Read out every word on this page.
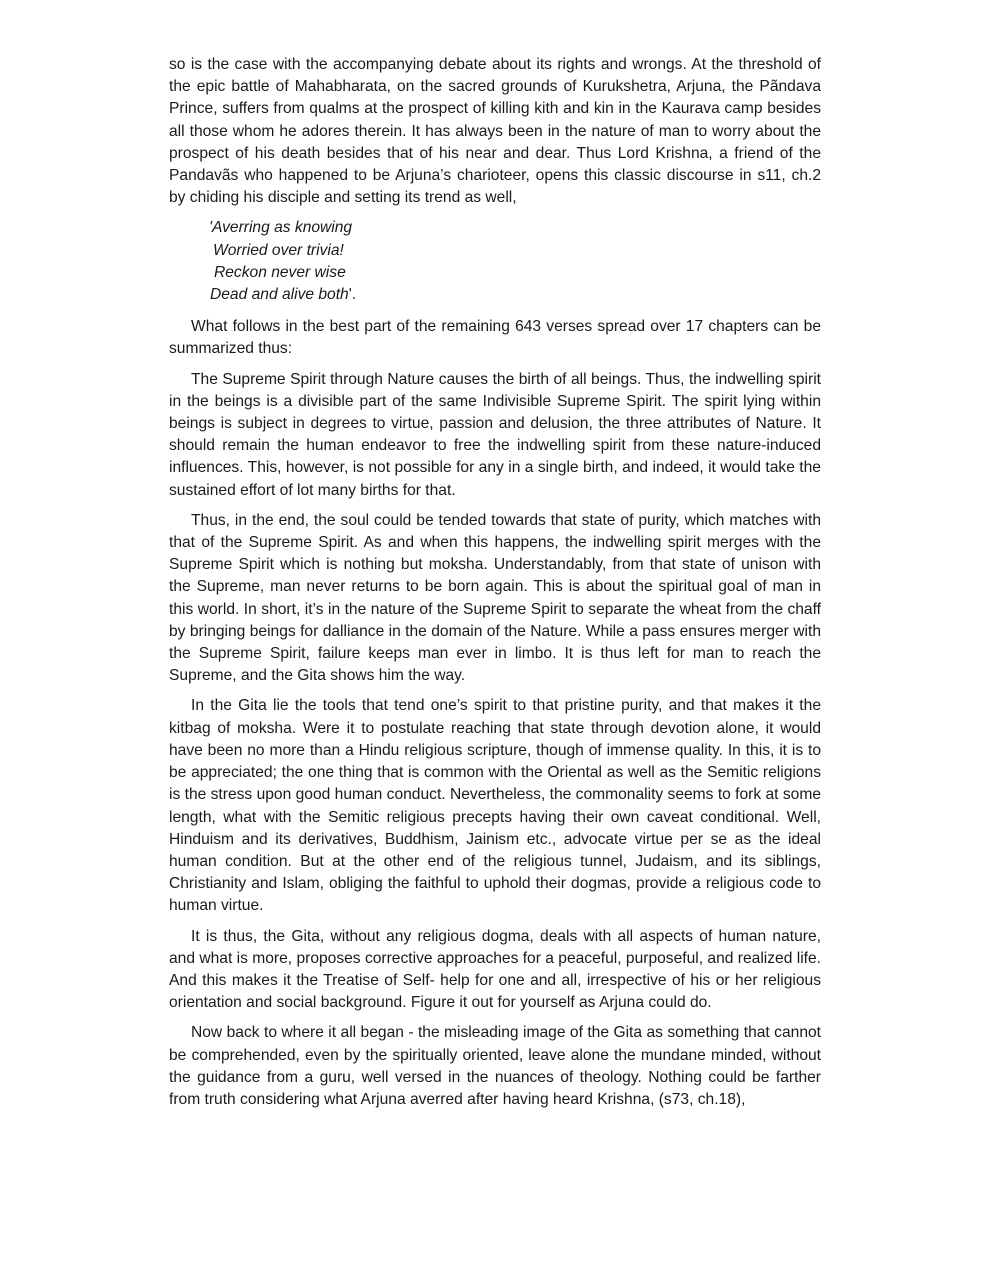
so is the case with the accompanying debate about its rights and wrongs. At the threshold of the epic battle of Mahabharata, on the sacred grounds of Kurukshetra, Arjuna, the Pãndava Prince, suffers from qualms at the prospect of killing kith and kin in the Kaurava camp besides all those whom he adores therein. It has always been in the nature of man to worry about the prospect of his death besides that of his near and dear. Thus Lord Krishna, a friend of the Pandavãs who happened to be Arjuna’s charioteer, opens this classic discourse in s11, ch.2 by chiding his disciple and setting its trend as well,

'Averring as knowing
Worried over trivia!
Reckon never wise
Dead and alive both'.

What follows in the best part of the remaining 643 verses spread over 17 chapters can be summarized thus:

The Supreme Spirit through Nature causes the birth of all beings. Thus, the indwelling spirit in the beings is a divisible part of the same Indivisible Supreme Spirit. The spirit lying within beings is subject in degrees to virtue, passion and delusion, the three attributes of Nature. It should remain the human endeavor to free the indwelling spirit from these nature-induced influences. This, however, is not possible for any in a single birth, and indeed, it would take the sustained effort of lot many births for that.

Thus, in the end, the soul could be tended towards that state of purity, which matches with that of the Supreme Spirit. As and when this happens, the indwelling spirit merges with the Supreme Spirit which is nothing but moksha. Understandably, from that state of unison with the Supreme, man never returns to be born again. This is about the spiritual goal of man in this world. In short, it’s in the nature of the Supreme Spirit to separate the wheat from the chaff by bringing beings for dalliance in the domain of the Nature. While a pass ensures merger with the Supreme Spirit, failure keeps man ever in limbo. It is thus left for man to reach the Supreme, and the Gita shows him the way.

In the Gita lie the tools that tend one’s spirit to that pristine purity, and that makes it the kitbag of moksha. Were it to postulate reaching that state through devotion alone, it would have been no more than a Hindu religious scripture, though of immense quality. In this, it is to be appreciated; the one thing that is common with the Oriental as well as the Semitic religions is the stress upon good human conduct. Nevertheless, the commonality seems to fork at some length, what with the Semitic religious precepts having their own caveat conditional. Well, Hinduism and its derivatives, Buddhism, Jainism etc., advocate virtue per se as the ideal human condition. But at the other end of the religious tunnel, Judaism, and its siblings, Christianity and Islam, obliging the faithful to uphold their dogmas, provide a religious code to human virtue.

It is thus, the Gita, without any religious dogma, deals with all aspects of human nature, and what is more, proposes corrective approaches for a peaceful, purposeful, and realized life. And this makes it the Treatise of Self- help for one and all, irrespective of his or her religious orientation and social background. Figure it out for yourself as Arjuna could do.

Now back to where it all began - the misleading image of the Gita as something that cannot be comprehended, even by the spiritually oriented, leave alone the mundane minded, without the guidance from a guru, well versed in the nuances of theology. Nothing could be farther from truth considering what Arjuna averred after having heard Krishna, (s73, ch.18),
